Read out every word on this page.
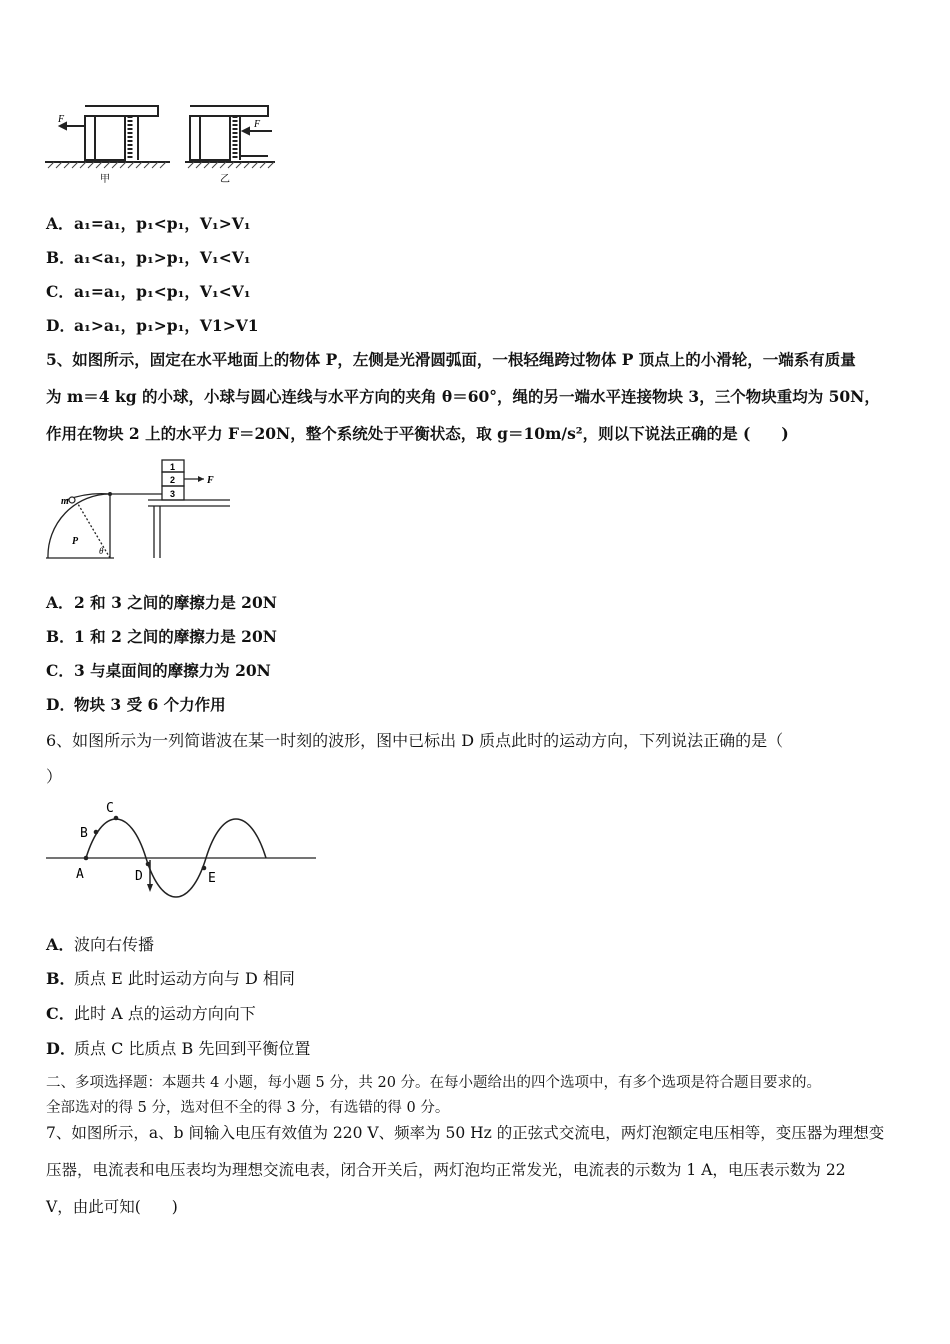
F	F
甲	乙
A．a₁=a₁，p₁<p₁，V₁>V₁
B．a₁<a₁，p₁>p₁，V₁<V₁
C．a₁=a₁，p₁<p₁，V₁<V₁
D．a₁>a₁，p₁>p₁，V1>V1
5、如图所示，固定在水平地面上的物体 P，左侧是光滑圆弧面，一根轻绳跨过物体 P 顶点上的小滑轮，一端系有质量
为 m＝4 kg 的小球，小球与圆心连线与水平方向的夹角 θ＝60°，绳的另一端水平连接物块 3，三个物块重均为 50N，
作用在物块 2 上的水平力 F＝20N，整个系统处于平衡状态，取 g＝10m/s²，则以下说法正确的是 (　　)
1
2
3
F
m
P
θ
A．2 和 3 之间的摩擦力是 20N
B．1 和 2 之间的摩擦力是 20N
C．3 与桌面间的摩擦力为 20N
D．物块 3 受 6 个力作用
6、如图所示为一列简谐波在某一时刻的波形，图中已标出 D 质点此时的运动方向，下列说法正确的是（
）
A
B
C
D	E
A．波向右传播
B．质点 E 此时运动方向与 D 相同
C．此时 A 点的运动方向向下
D．质点 C 比质点 B 先回到平衡位置
二、多项选择题：本题共 4 小题，每小题 5 分，共 20 分。在每小题给出的四个选项中，有多个选项是符合题目要求的。
全部选对的得 5 分，选对但不全的得 3 分，有选错的得 0 分。
7、如图所示，a、b 间输入电压有效值为 220 V、频率为 50 Hz 的正弦式交流电，两灯泡额定电压相等，变压器为理想变
压器，电流表和电压表均为理想交流电表，闭合开关后，两灯泡均正常发光，电流表的示数为 1 A，电压表示数为 22
V，由此可知(　　)
